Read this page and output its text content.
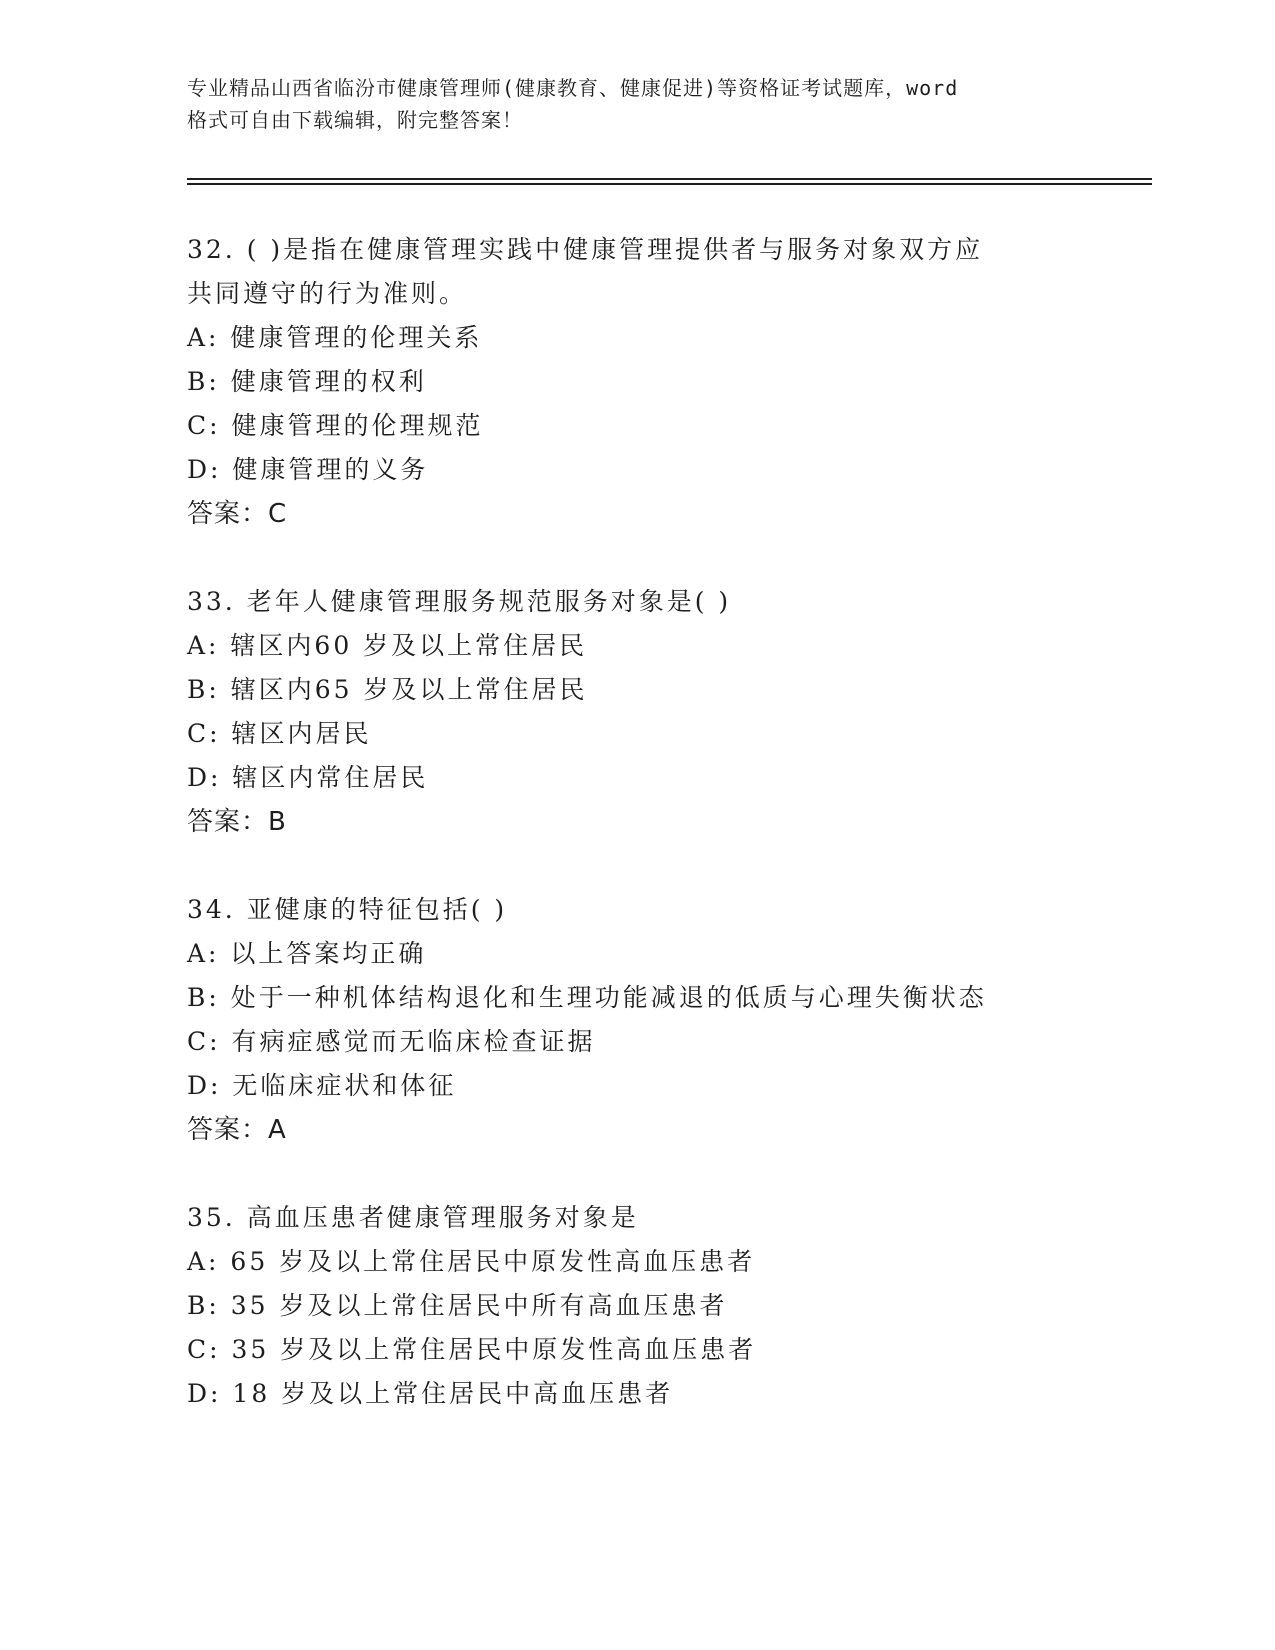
专业精品山西省临汾市健康管理师(健康教育、健康促进)等资格证考试题库，word
格式可自由下载编辑，附完整答案！
32. ( )是指在健康管理实践中健康管理提供者与服务对象双方应
共同遵守的行为准则。
A: 健康管理的伦理关系
B: 健康管理的权利
C: 健康管理的伦理规范
D: 健康管理的义务
答案：C
33. 老年人健康管理服务规范服务对象是( )
A: 辖区内60 岁及以上常住居民
B: 辖区内65 岁及以上常住居民
C: 辖区内居民
D: 辖区内常住居民
答案：B
34. 亚健康的特征包括( )
A: 以上答案均正确
B: 处于一种机体结构退化和生理功能减退的低质与心理失衡状态
C: 有病症感觉而无临床检查证据
D: 无临床症状和体征
答案：A
35. 高血压患者健康管理服务对象是
A: 65 岁及以上常住居民中原发性高血压患者
B: 35 岁及以上常住居民中所有高血压患者
C: 35 岁及以上常住居民中原发性高血压患者
D: 18 岁及以上常住居民中高血压患者
